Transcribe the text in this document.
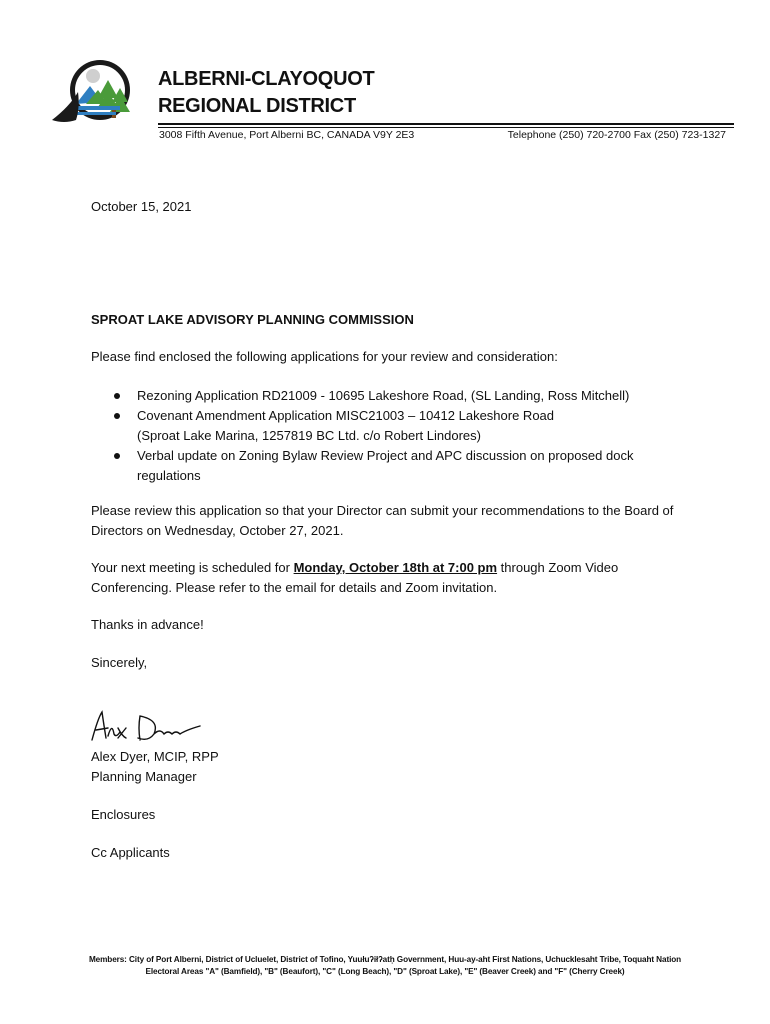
ALBERNI-CLAYOQUOT
REGIONAL DISTRICT
3008 Fifth Avenue, Port Alberni BC, CANADA V9Y 2E3	Telephone (250) 720-2700 Fax (250) 723-1327
October 15, 2021
SPROAT LAKE ADVISORY PLANNING COMMISSION
Please find enclosed the following applications for your review and consideration:
Rezoning Application RD21009 - 10695 Lakeshore Road, (SL Landing, Ross Mitchell)
Covenant Amendment Application MISC21003 – 10412 Lakeshore Road
(Sproat Lake Marina, 1257819 BC Ltd. c/o Robert Lindores)
Verbal update on Zoning Bylaw Review Project and APC discussion on proposed dock
regulations
Please review this application so that your Director can submit your recommendations to the Board of Directors on Wednesday, October 27, 2021.
Your next meeting is scheduled for Monday, October 18th at 7:00 pm through Zoom Video Conferencing. Please refer to the email for details and Zoom invitation.
Thanks in advance!
Sincerely,
Alex Dyer, MCIP, RPP
Planning Manager
Enclosures
Cc Applicants
Members: City of Port Alberni, District of Ucluelet, District of Tofino, Yuułuʔiłʔatḥ Government, Huu-ay-aht First Nations, Uchucklesaht Tribe, Toquaht Nation
Electoral Areas "A" (Bamfield), "B" (Beaufort), "C" (Long Beach), "D" (Sproat Lake), "E" (Beaver Creek) and "F" (Cherry Creek)
